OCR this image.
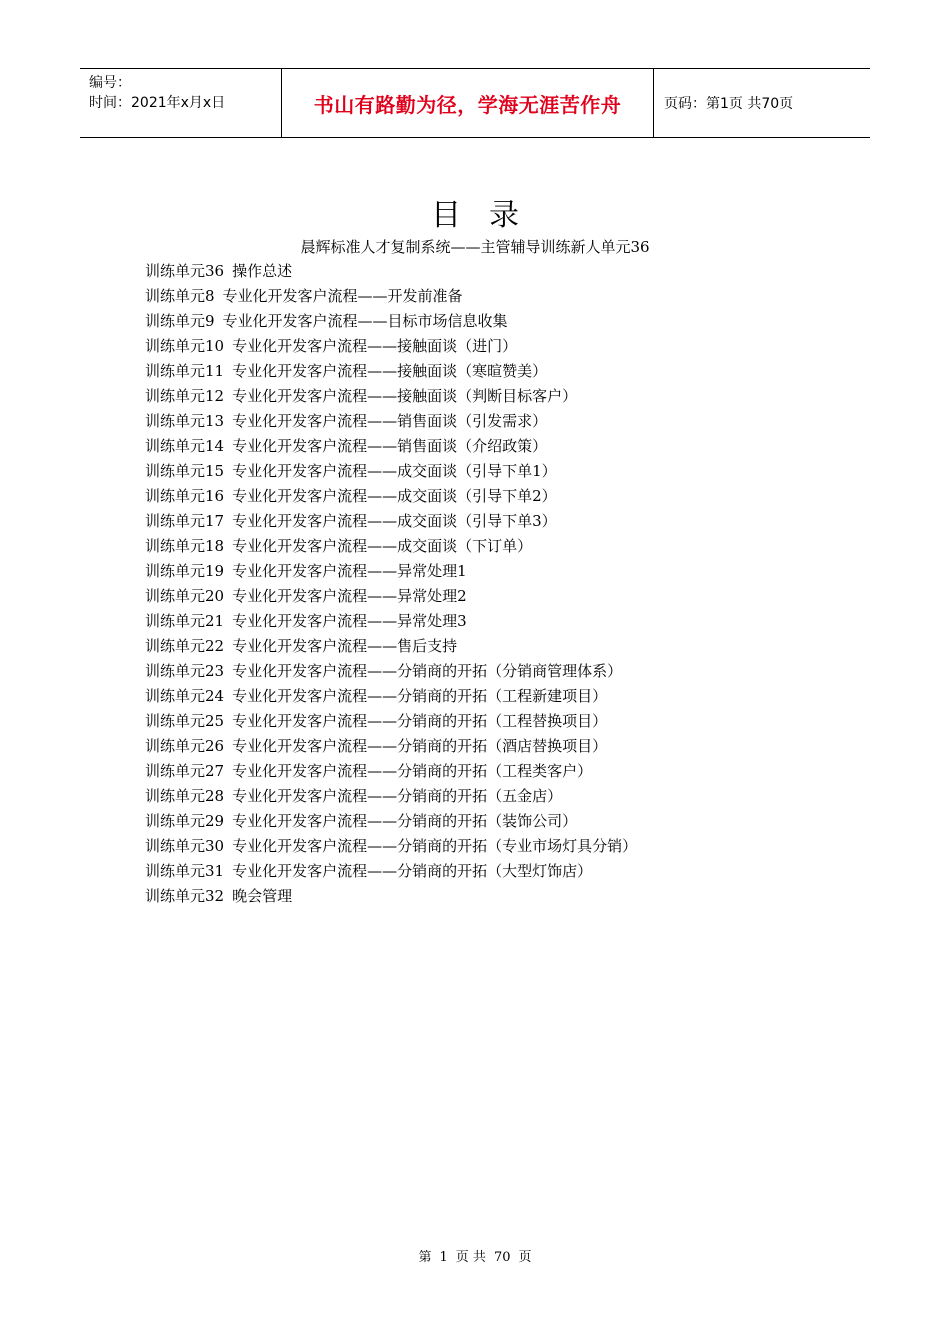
编号：
时间：2021年x月x日	书山有路勤为径，学海无涯苦作舟	页码：第1页 共70页
目录
晨辉标准人才复制系统——主管辅导训练新人单元36
训练单元36 操作总述
训练单元8 专业化开发客户流程——开发前准备
训练单元9 专业化开发客户流程——目标市场信息收集
训练单元10 专业化开发客户流程——接触面谈（进门）
训练单元11 专业化开发客户流程——接触面谈（寒暄赞美）
训练单元12 专业化开发客户流程——接触面谈（判断目标客户）
训练单元13 专业化开发客户流程——销售面谈（引发需求）
训练单元14 专业化开发客户流程——销售面谈（介绍政策）
训练单元15 专业化开发客户流程——成交面谈（引导下单1）
训练单元16 专业化开发客户流程——成交面谈（引导下单2）
训练单元17 专业化开发客户流程——成交面谈（引导下单3）
训练单元18 专业化开发客户流程——成交面谈（下订单）
训练单元19 专业化开发客户流程——异常处理1
训练单元20 专业化开发客户流程——异常处理2
训练单元21 专业化开发客户流程——异常处理3
训练单元22 专业化开发客户流程——售后支持
训练单元23 专业化开发客户流程——分销商的开拓（分销商管理体系）
训练单元24 专业化开发客户流程——分销商的开拓（工程新建项目）
训练单元25 专业化开发客户流程——分销商的开拓（工程替换项目）
训练单元26 专业化开发客户流程——分销商的开拓（酒店替换项目）
训练单元27 专业化开发客户流程——分销商的开拓（工程类客户）
训练单元28 专业化开发客户流程——分销商的开拓（五金店）
训练单元29 专业化开发客户流程——分销商的开拓（装饰公司）
训练单元30 专业化开发客户流程——分销商的开拓（专业市场灯具分销）
训练单元31 专业化开发客户流程——分销商的开拓（大型灯饰店）
训练单元32 晚会管理
第 1 页 共 70 页
